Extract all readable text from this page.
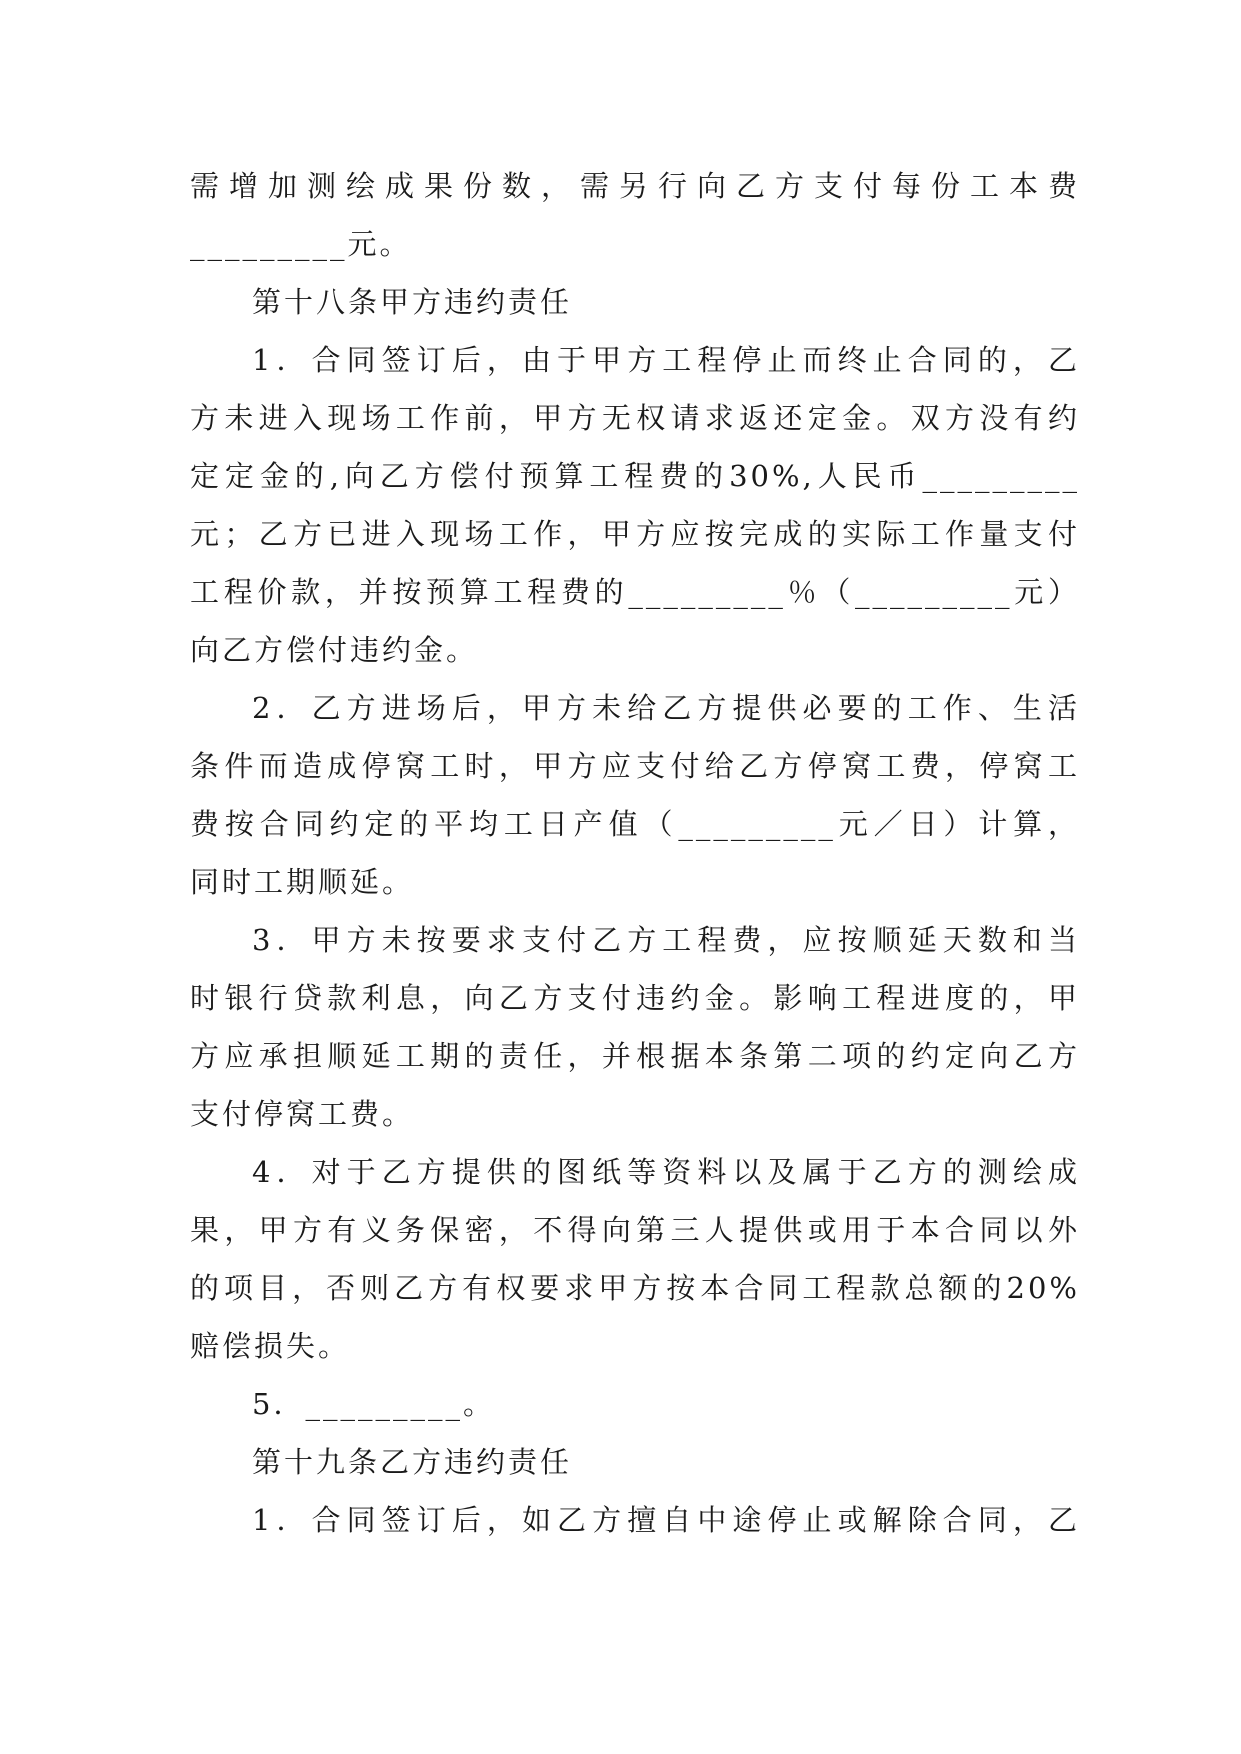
需增加测绘成果份数，需另行向乙方支付每份工本费
_________元。
第十八条甲方违约责任
1．合同签订后，由于甲方工程停止而终止合同的，乙
方未进入现场工作前，甲方无权请求返还定金。双方没有约
定定金的,向乙方偿付预算工程费的30%,人民币_________
元；乙方已进入现场工作，甲方应按完成的实际工作量支付
工程价款，并按预算工程费的_________％（_________元）
向乙方偿付违约金。
2．乙方进场后，甲方未给乙方提供必要的工作、生活
条件而造成停窝工时，甲方应支付给乙方停窝工费，停窝工
费按合同约定的平均工日产值（_________元／日）计算，
同时工期顺延。
3．甲方未按要求支付乙方工程费，应按顺延天数和当
时银行贷款利息，向乙方支付违约金。影响工程进度的，甲
方应承担顺延工期的责任，并根据本条第二项的约定向乙方
支付停窝工费。
4．对于乙方提供的图纸等资料以及属于乙方的测绘成
果，甲方有义务保密，不得向第三人提供或用于本合同以外
的项目，否则乙方有权要求甲方按本合同工程款总额的20%
赔偿损失。
5．_________。
第十九条乙方违约责任
1．合同签订后，如乙方擅自中途停止或解除合同，乙
